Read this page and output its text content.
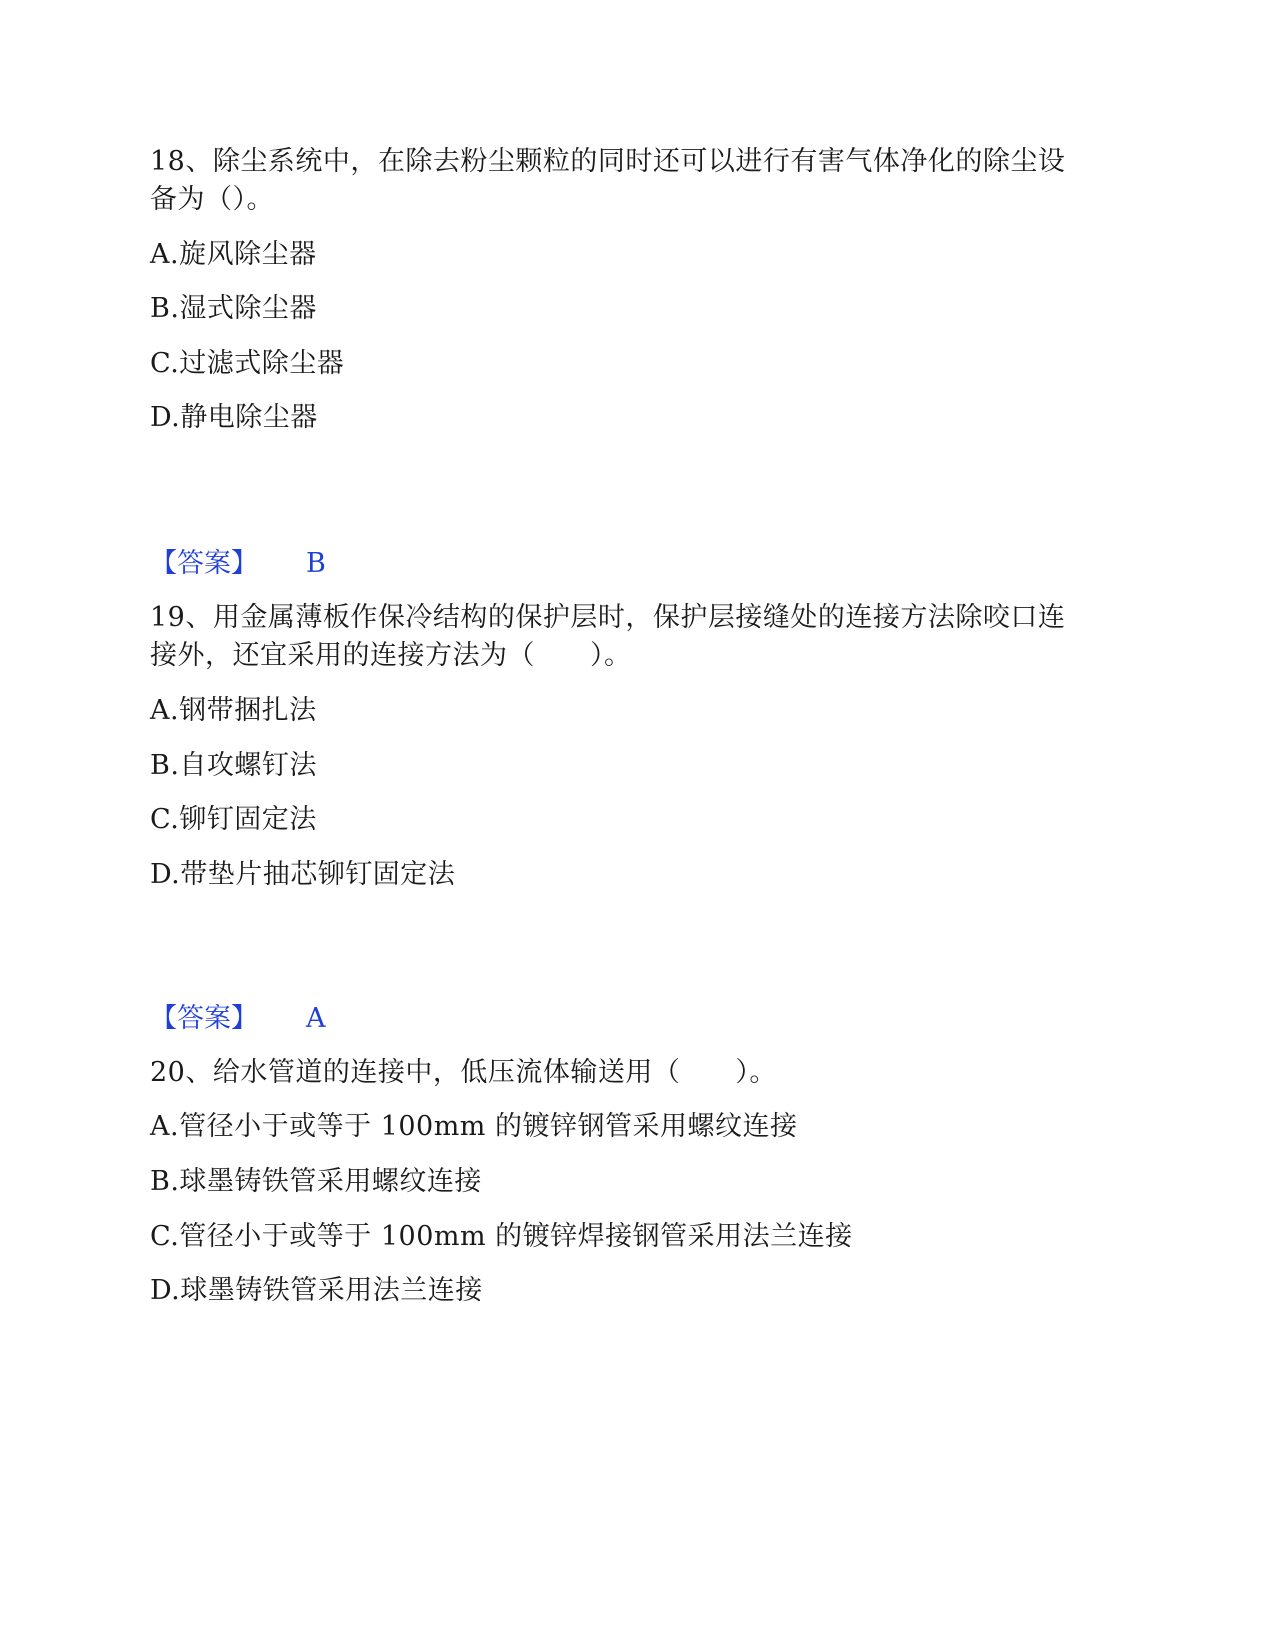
18、除尘系统中，在除去粉尘颗粒的同时还可以进行有害气体净化的除尘设
备为（）。
A.旋风除尘器
B.湿式除尘器
C.过滤式除尘器
D.静电除尘器
【答案】 B
19、用金属薄板作保冷结构的保护层时，保护层接缝处的连接方法除咬口连
接外，还宜采用的连接方法为（　　）。
A.钢带捆扎法
B.自攻螺钉法
C.铆钉固定法
D.带垫片抽芯铆钉固定法
【答案】 A
20、给水管道的连接中，低压流体输送用（　　）。
A.管径小于或等于 100mm 的镀锌钢管采用螺纹连接
B.球墨铸铁管采用螺纹连接
C.管径小于或等于 100mm 的镀锌焊接钢管采用法兰连接
D.球墨铸铁管采用法兰连接
